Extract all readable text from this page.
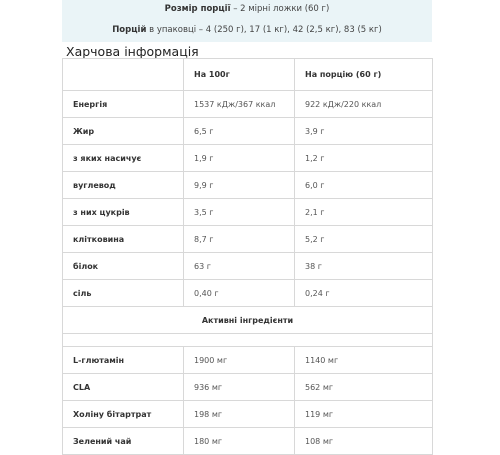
Розмір порції – 2 мірні ложки (60 г)
Порцій в упаковці – 4 (250 г), 17 (1 кг), 42 (2,5 кг), 83 (5 кг)
Харчова інформація
	На 100г	На порцію (60 г)
Енергія	1537 кДж/367 ккал	922 кДж/220 ккал
Жир	6,5 г	3,9 г
з яких насичує	1,9 г	1,2 г
вуглевод	9,9 г	6,0 г
з них цукрів	3,5 г	2,1 г
клітковина	8,7 г	5,2 г
білок	63 г	38 г
сіль	0,40 г	0,24 г
Активні інгредієнти		

L-глютамін	1900 мг	1140 мг
CLA	936 мг	562 мг
Холіну бітартрат	198 мг	119 мг
Зелений чай	180 мг	108 мг
